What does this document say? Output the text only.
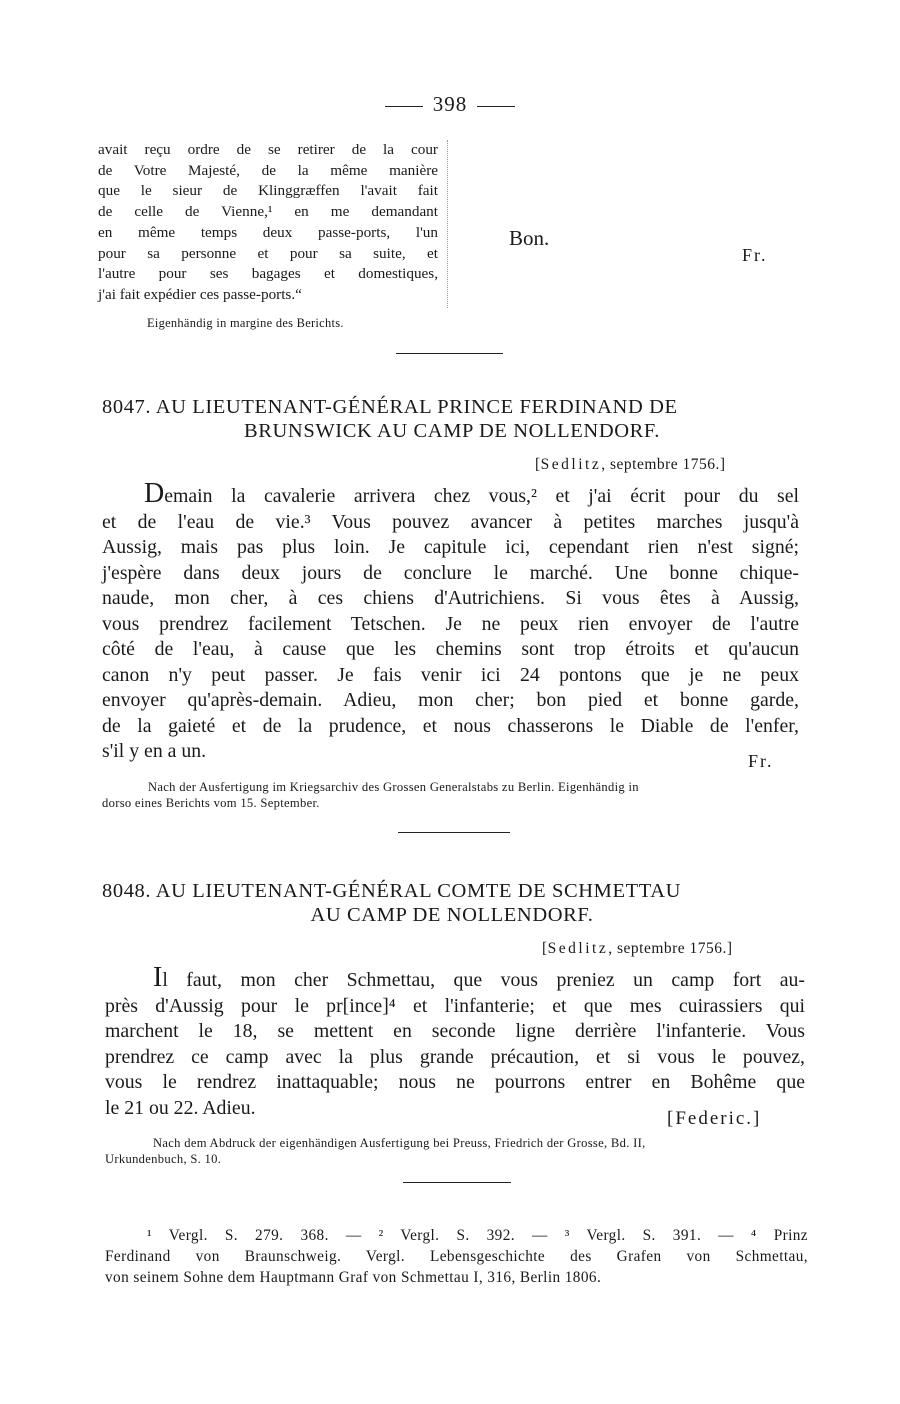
398
avait reçu ordre de se retirer de la cour
de Votre Majesté, de la même manière
que le sieur de Klinggræffen l'avait fait
de celle de Vienne,¹ en me demandant
en même temps deux passe-ports, l'un
pour sa personne et pour sa suite, et
l'autre pour ses bagages et domestiques,
j'ai fait expédier ces passe-ports.“
Bon.
Fr.
Eigenhändig in margine des Berichts.
8047. AU LIEUTENANT-GÉNÉRAL PRINCE FERDINAND DE
BRUNSWICK AU CAMP DE NOLLENDORF.
[Sedlitz, septembre 1756.]
Demain la cavalerie arrivera chez vous,² et j'ai écrit pour du sel
et de l'eau de vie.³ Vous pouvez avancer à petites marches jusqu'à
Aussig, mais pas plus loin. Je capitule ici, cependant rien n'est signé;
j'espère dans deux jours de conclure le marché. Une bonne chique-
naude, mon cher, à ces chiens d'Autrichiens. Si vous êtes à Aussig,
vous prendrez facilement Tetschen. Je ne peux rien envoyer de l'autre
côté de l'eau, à cause que les chemins sont trop étroits et qu'aucun
canon n'y peut passer. Je fais venir ici 24 pontons que je ne peux
envoyer qu'après-demain. Adieu, mon cher; bon pied et bonne garde,
de la gaieté et de la prudence, et nous chasserons le Diable de l'enfer,
s'il y en a un.	Fr.
Nach der Ausfertigung im Kriegsarchiv des Grossen Generalstabs zu Berlin. Eigenhändig in
dorso eines Berichts vom 15. September.
8048. AU LIEUTENANT-GÉNÉRAL COMTE DE SCHMETTAU
AU CAMP DE NOLLENDORF.
[Sedlitz, septembre 1756.]
Il faut, mon cher Schmettau, que vous preniez un camp fort au-
près d'Aussig pour le pr[ince]⁴ et l'infanterie; et que mes cuirassiers qui
marchent le 18, se mettent en seconde ligne derrière l'infanterie. Vous
prendrez ce camp avec la plus grande précaution, et si vous le pouvez,
vous le rendrez inattaquable; nous ne pourrons entrer en Bohême que
le 21 ou 22. Adieu.	[Federic.]
Nach dem Abdruck der eigenhändigen Ausfertigung bei Preuss, Friedrich der Grosse, Bd. II,
Urkundenbuch, S. 10.
¹ Vergl. S. 279. 368. — ² Vergl. S. 392. — ³ Vergl. S. 391. — ⁴ Prinz
Ferdinand von Braunschweig. Vergl. Lebensgeschichte des Grafen von Schmettau,
von seinem Sohne dem Hauptmann Graf von Schmettau I, 316, Berlin 1806.
